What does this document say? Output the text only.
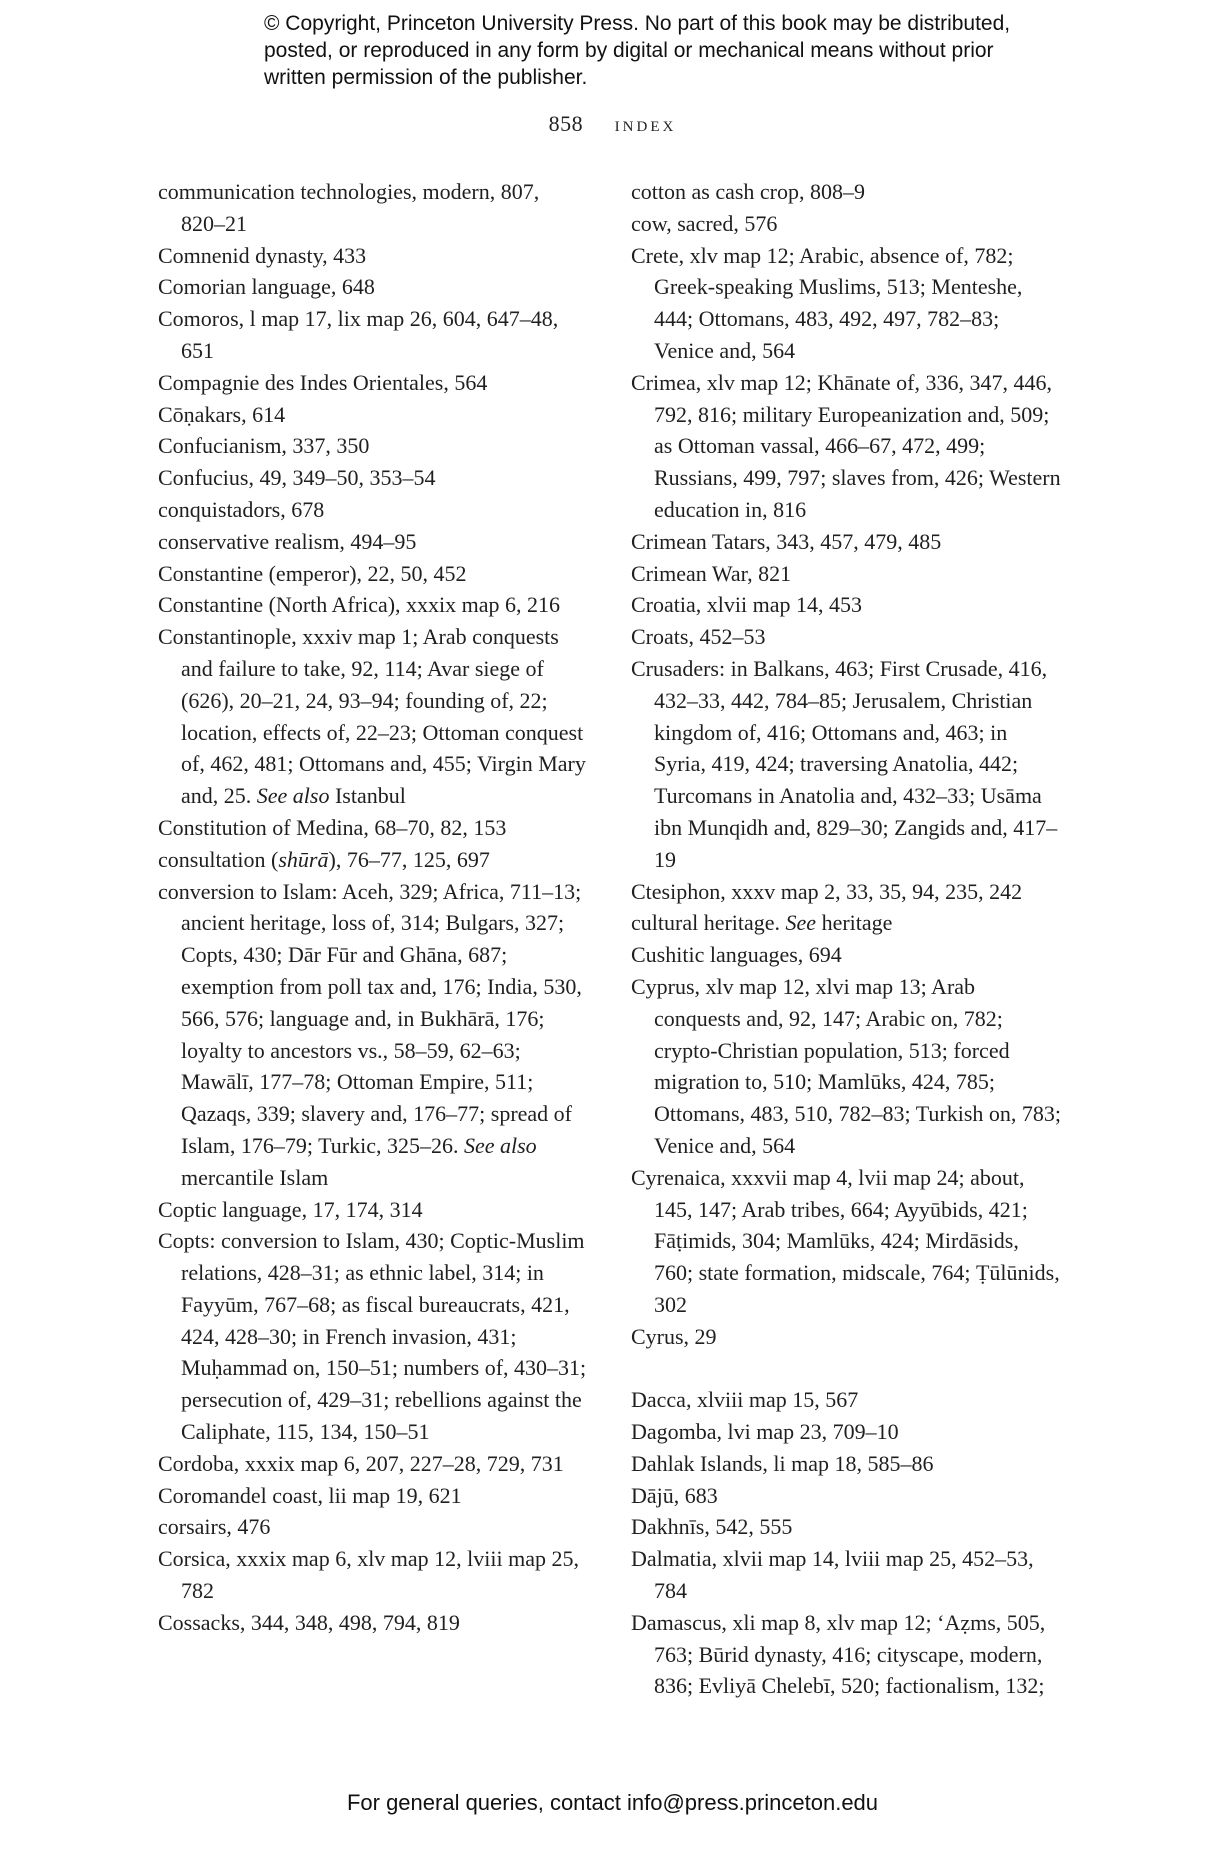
© Copyright, Princeton University Press. No part of this book may be distributed, posted, or reproduced in any form by digital or mechanical means without prior written permission of the publisher.
858 index
communication technologies, modern, 807, 820–21
Comnenid dynasty, 433
Comorian language, 648
Comoros, l map 17, lix map 26, 604, 647–48, 651
Compagnie des Indes Orientales, 564
Cōṇakars, 614
Confucianism, 337, 350
Confucius, 49, 349–50, 353–54
conquistadors, 678
conservative realism, 494–95
Constantine (emperor), 22, 50, 452
Constantine (North Africa), xxxix map 6, 216
Constantinople, xxxiv map 1; Arab conquests and failure to take, 92, 114; Avar siege of (626), 20–21, 24, 93–94; founding of, 22; location, effects of, 22–23; Ottoman conquest of, 462, 481; Ottomans and, 455; Virgin Mary and, 25. See also Istanbul
Constitution of Medina, 68–70, 82, 153
consultation (shūrā), 76–77, 125, 697
conversion to Islam: Aceh, 329; Africa, 711–13; ancient heritage, loss of, 314; Bulgars, 327; Copts, 430; Dār Fūr and Ghāna, 687; exemption from poll tax and, 176; India, 530, 566, 576; language and, in Bukhārā, 176; loyalty to ancestors vs., 58–59, 62–63; Mawālī, 177–78; Ottoman Empire, 511; Qazaqs, 339; slavery and, 176–77; spread of Islam, 176–79; Turkic, 325–26. See also mercantile Islam
Coptic language, 17, 174, 314
Copts: conversion to Islam, 430; Coptic-Muslim relations, 428–31; as ethnic label, 314; in Fayyūm, 767–68; as fiscal bureaucrats, 421, 424, 428–30; in French invasion, 431; Muḥammad on, 150–51; numbers of, 430–31; persecution of, 429–31; rebellions against the Caliphate, 115, 134, 150–51
Cordoba, xxxix map 6, 207, 227–28, 729, 731
Coromandel coast, lii map 19, 621
corsairs, 476
Corsica, xxxix map 6, xlv map 12, lviii map 25, 782
Cossacks, 344, 348, 498, 794, 819
cotton as cash crop, 808–9
cow, sacred, 576
Crete, xlv map 12; Arabic, absence of, 782; Greek-speaking Muslims, 513; Menteshe, 444; Ottomans, 483, 492, 497, 782–83; Venice and, 564
Crimea, xlv map 12; Khānate of, 336, 347, 446, 792, 816; military Europeanization and, 509; as Ottoman vassal, 466–67, 472, 499; Russians, 499, 797; slaves from, 426; Western education in, 816
Crimean Tatars, 343, 457, 479, 485
Crimean War, 821
Croatia, xlvii map 14, 453
Croats, 452–53
Crusaders: in Balkans, 463; First Crusade, 416, 432–33, 442, 784–85; Jerusalem, Christian kingdom of, 416; Ottomans and, 463; in Syria, 419, 424; traversing Anatolia, 442; Turcomans in Anatolia and, 432–33; Usāma ibn Munqidh and, 829–30; Zangids and, 417–19
Ctesiphon, xxxv map 2, 33, 35, 94, 235, 242
cultural heritage. See heritage
Cushitic languages, 694
Cyprus, xlv map 12, xlvi map 13; Arab conquests and, 92, 147; Arabic on, 782; crypto-Christian population, 513; forced migration to, 510; Mamlūks, 424, 785; Ottomans, 483, 510, 782–83; Turkish on, 783; Venice and, 564
Cyrenaica, xxxvii map 4, lvii map 24; about, 145, 147; Arab tribes, 664; Ayyūbids, 421; Fāṭimids, 304; Mamlūks, 424; Mirdāsids, 760; state formation, midscale, 764; Ṭūlūnids, 302
Cyrus, 29
Dacca, xlviii map 15, 567
Dagomba, lvi map 23, 709–10
Dahlak Islands, li map 18, 585–86
Dājū, 683
Dakhnīs, 542, 555
Dalmatia, xlvii map 14, lviii map 25, 452–53, 784
Damascus, xli map 8, xlv map 12; ‘Aẓms, 505, 763; Būrid dynasty, 416; cityscape, modern, 836; Evliyā Chelebī, 520; factionalism, 132;
For general queries, contact info@press.princeton.edu
